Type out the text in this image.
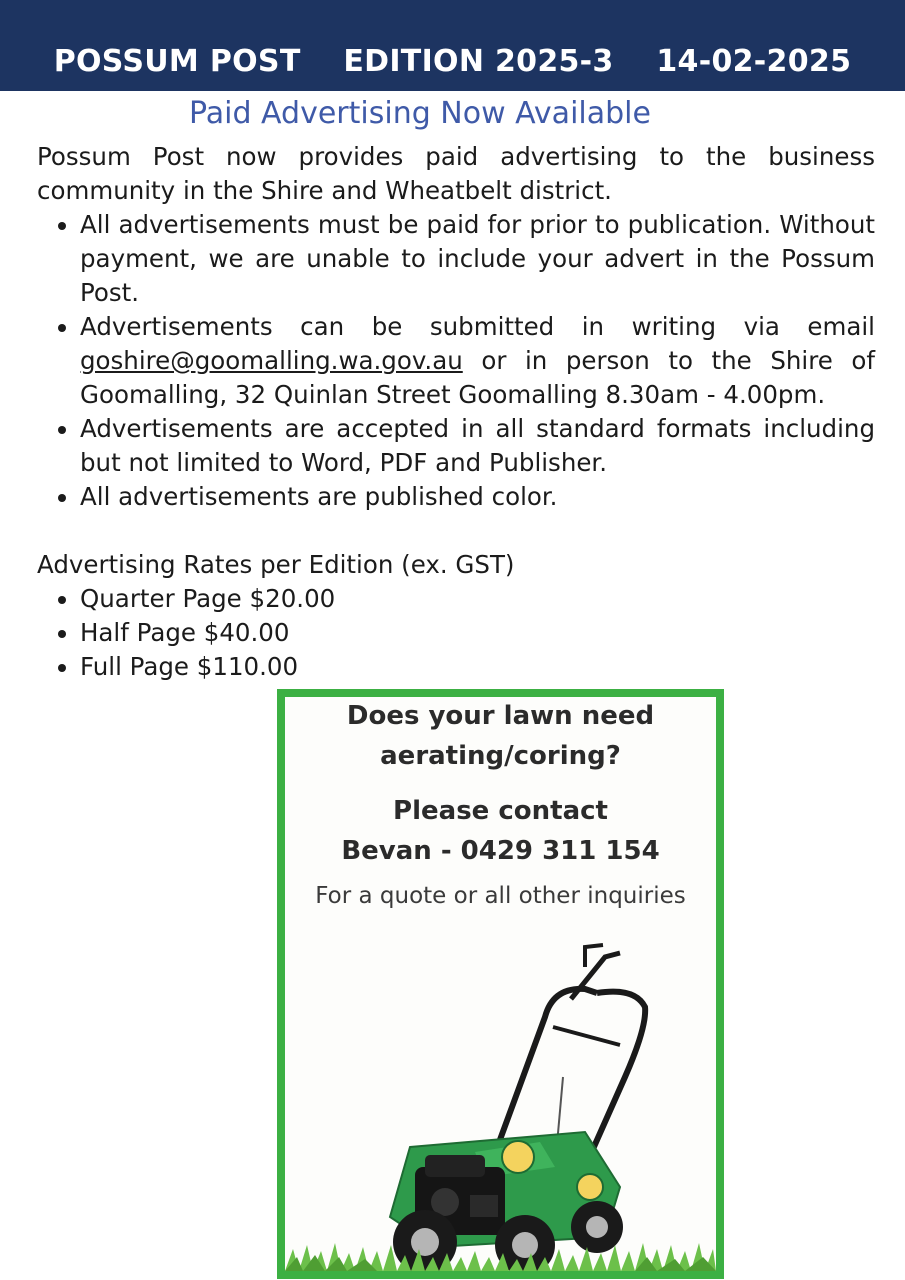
POSSUM POST EDITION 2025-3 14-02-2025
Paid Advertising Now Available

Possum Post now provides paid advertising to the business community in the Shire and Wheatbelt district.

• All advertisements must be paid for prior to publication. Without payment, we are unable to include your advert in the Possum Post.
• Advertisements can be submitted in writing via email goshire@goomalling.wa.gov.au or in person to the Shire of Goomalling, 32 Quinlan Street Goomalling 8.30am - 4.00pm.
• Advertisements are accepted in all standard formats including but not limited to Word, PDF and Publisher.
• All advertisements are published color.

Advertising Rates per Edition (ex. GST)

• Quarter Page $20.00
• Half Page $40.00
• Full Page $110.00
Does your lawn need
aerating/coring?
Please contact
Bevan - 0429 311 154
For a quote or all other inquiries
